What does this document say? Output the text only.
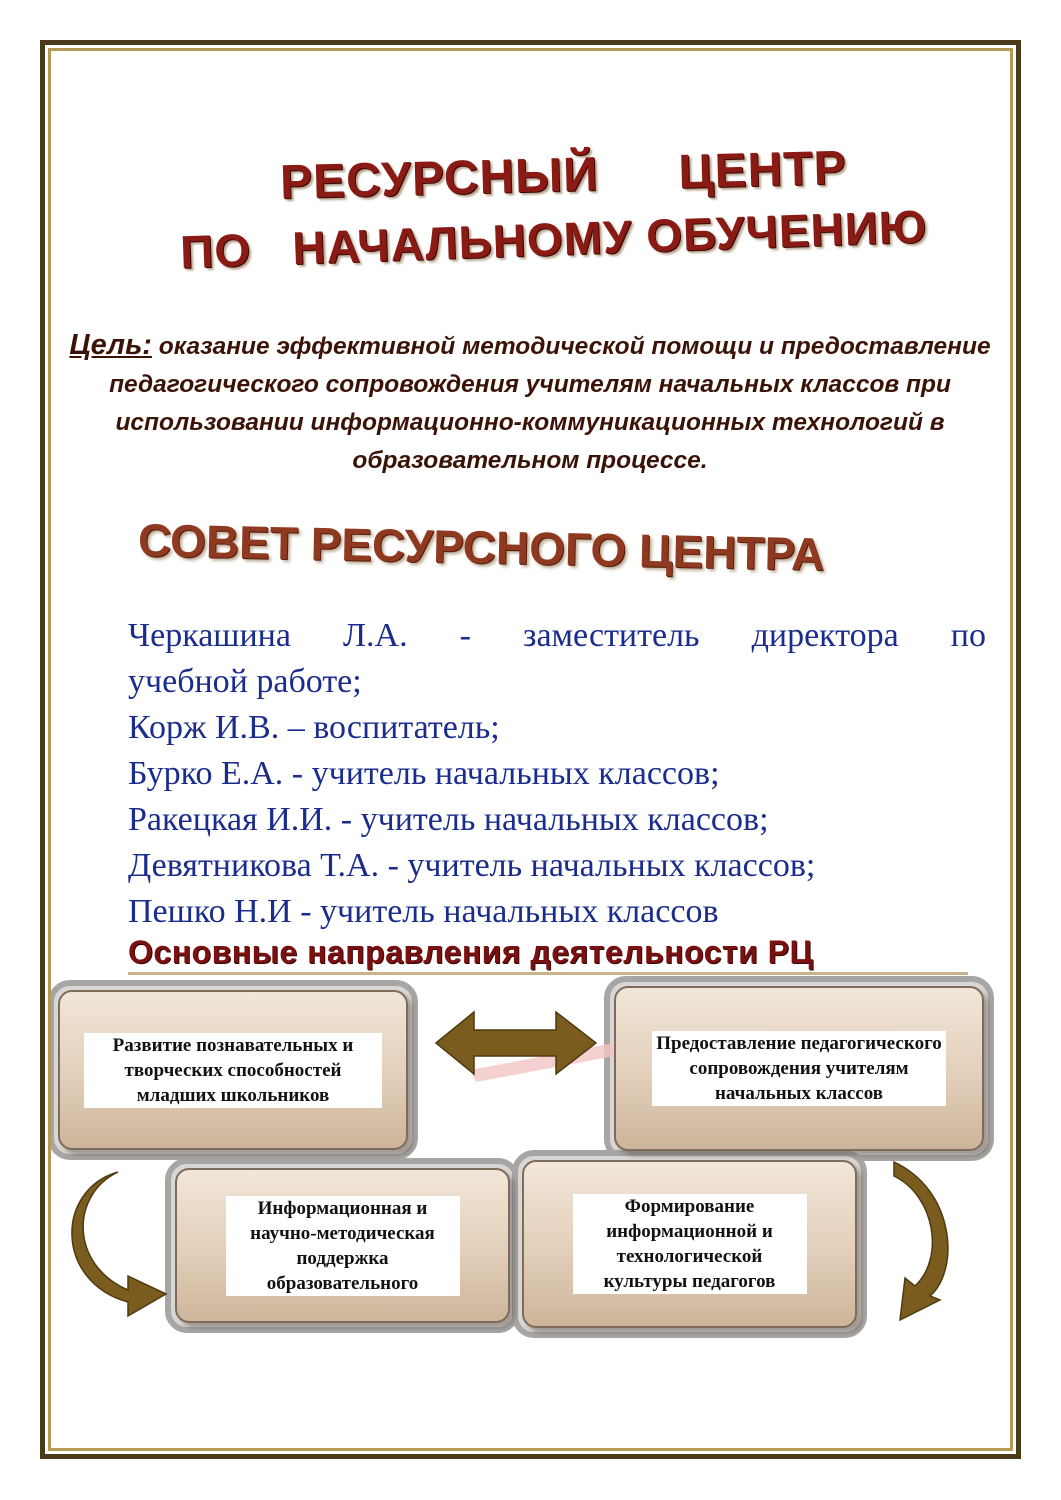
РЕСУРСНЫЙ ЦЕНТР
ПО   НАЧАЛЬНОМУ ОБУЧЕНИЮ
Цель: оказание эффективной методической помощи и предоставление педагогического сопровождения учителям начальных классов при использовании информационно-коммуникационных технологий в образовательном процессе.
СОВЕТ РЕСУРСНОГО ЦЕНТРА
Черкашина Л.А. - заместитель директора по
учебной работе;
Корж И.В. – воспитатель;
Бурко Е.А. - учитель начальных классов;
Ракецкая И.И. - учитель начальных классов;
Девятникова Т.А. - учитель начальных классов;
Пешко Н.И - учитель начальных классов
Основные направления деятельности РЦ
Развитие познавательных и творческих способностей младших школьников
Предоставление педагогического сопровождения учителям начальных классов
Информационная и научно-методическая поддержка образовательного
Формирование информационной и технологической культуры педагогов
